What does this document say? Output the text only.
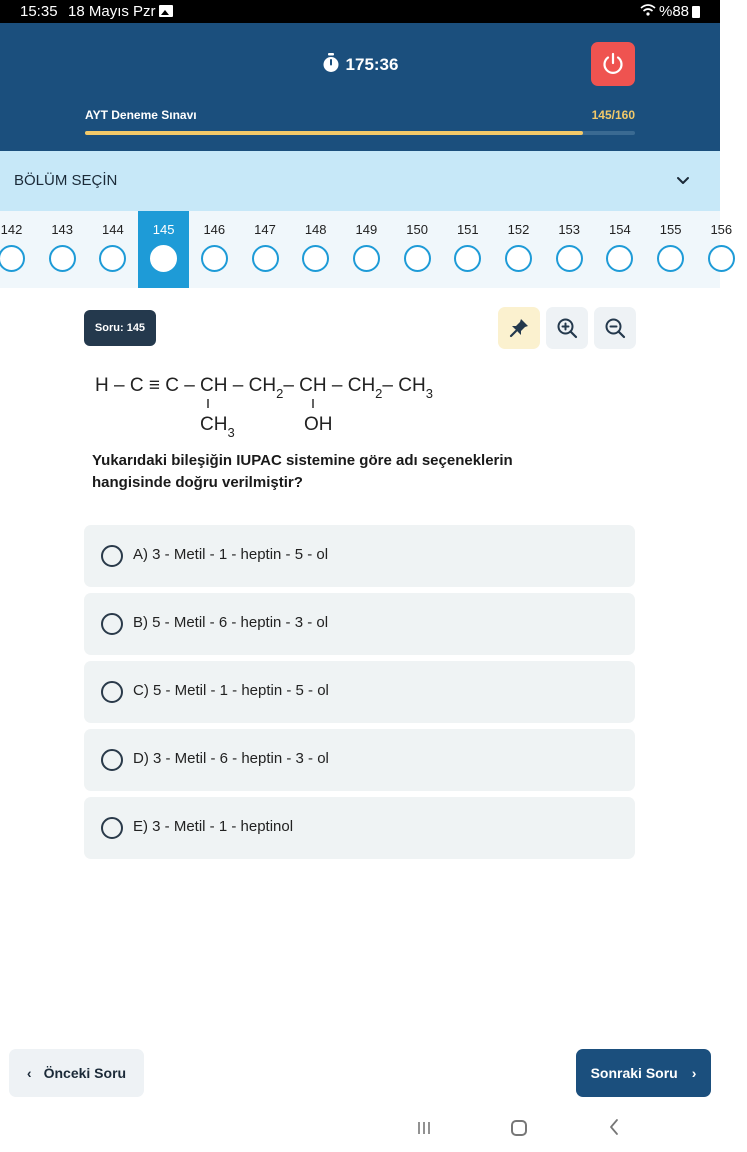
15:35 18 Mayıs Pzr	%88
175:36
AYT Deneme Sınavı	145/160
BÖLÜM SEÇİN
142	143	144	145	146	147	148	149	150	151	152	153	154	155	156
Soru: 145
H – C ≡ C – CH – $CH_2-$ CH – $CH_2-$ $CH_3$
$CH_3$	OH
Yukarıdaki bileşiğin IUPAC sistemine göre adı seçeneklerin hangisinde doğru verilmiştir?
A) 3 - Metil - 1 - heptin - 5 - ol
B) 5 - Metil - 6 - heptin - 3 - ol
C) 5 - Metil - 1 - heptin - 5 - ol
D) 3 - Metil - 6 - heptin - 3 - ol
E) 3 - Metil - 1 - heptinol
‹ Önceki Soru	Sonraki Soru ›
